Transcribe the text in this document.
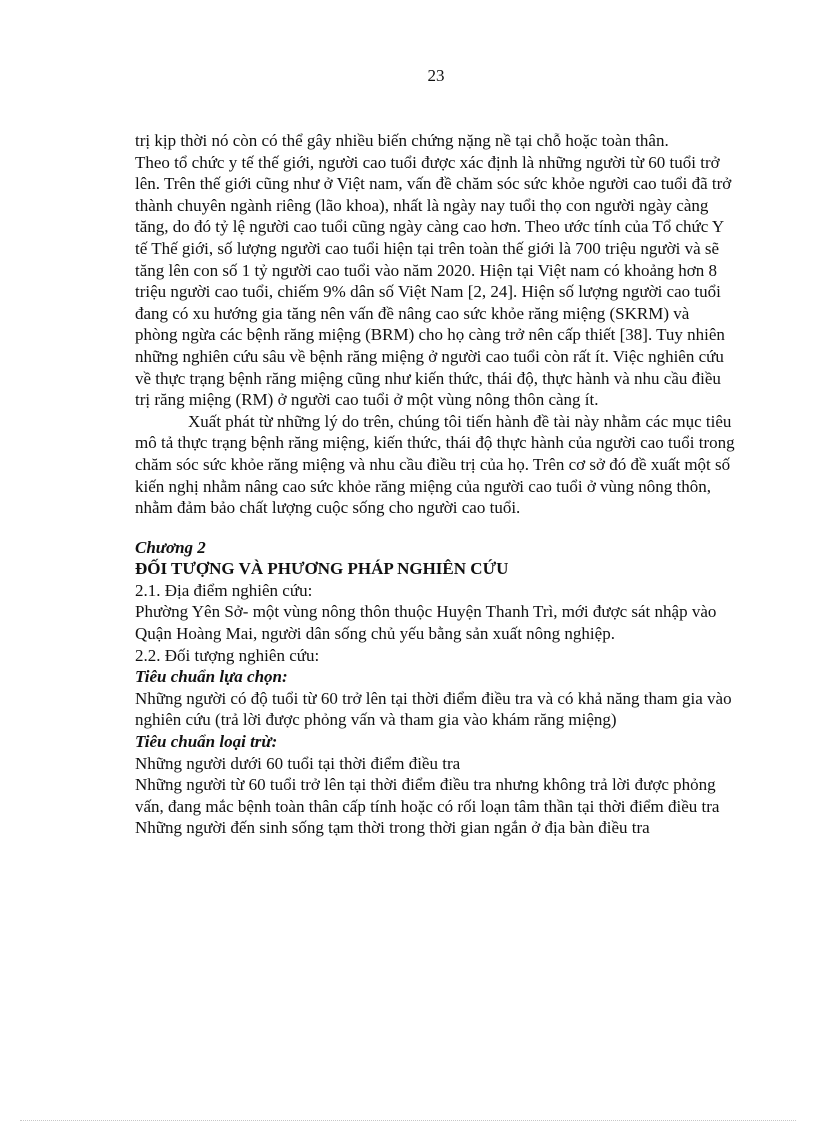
23

trị kịp thời nó còn có thể gây nhiều biến chứng nặng nề tại chỗ hoặc toàn thân.

Theo tổ chức y tế thế giới, người cao tuổi được xác định là những người từ 60 tuổi trở lên. Trên thế giới cũng như ở Việt nam, vấn đề chăm sóc sức khỏe người cao tuổi đã trở thành chuyên ngành riêng (lão khoa), nhất là ngày nay tuổi thọ con người ngày càng tăng, do đó tỷ lệ người cao tuổi cũng ngày càng cao hơn. Theo ước tính của Tổ chức Y tế Thế giới, số lượng người cao tuổi hiện tại trên toàn thế giới là 700 triệu người và sẽ tăng lên con số 1 tỷ người cao tuổi vào năm 2020. Hiện tại Việt nam có khoảng hơn 8 triệu người cao tuổi, chiếm 9% dân số Việt Nam [2, 24]. Hiện số lượng người cao tuổi đang có xu hướng gia tăng nên vấn đề nâng cao sức khỏe răng miệng (SKRM) và phòng ngừa các bệnh răng miệng (BRM) cho họ càng trở nên cấp thiết [38]. Tuy nhiên những nghiên cứu sâu về bệnh răng miệng ở người cao tuổi còn rất ít. Việc nghiên cứu về thực trạng bệnh răng miệng cũng như kiến thức, thái độ, thực hành và nhu cầu điều trị răng miệng (RM) ở người cao tuổi ở một vùng nông thôn càng ít.

Xuất phát từ những lý do trên, chúng tôi tiến hành đề tài này nhằm các mục tiêu mô tả thực trạng bệnh răng miệng, kiến thức, thái độ thực hành của người cao tuổi trong chăm sóc sức khỏe răng miệng và nhu cầu điều trị của họ. Trên cơ sở đó đề xuất một số kiến nghị nhằm nâng cao sức khỏe răng miệng của người cao tuổi ở vùng nông thôn, nhằm đảm bảo chất lượng cuộc sống cho người cao tuổi.

Chương 2

ĐỐI TƯỢNG VÀ PHƯƠNG PHÁP NGHIÊN CỨU

2.1. Địa điểm nghiên cứu:

Phường Yên Sở- một vùng nông thôn thuộc Huyện Thanh Trì, mới được sát nhập vào Quận Hoàng Mai, người dân sống chủ yếu bằng sản xuất nông nghiệp.

2.2. Đối tượng nghiên cứu:

Tiêu chuẩn lựa chọn:

Những người có độ tuổi từ 60 trở lên tại thời điểm điều tra và có khả năng tham gia vào nghiên cứu (trả lời được phỏng vấn và tham gia vào khám răng miệng)

Tiêu chuẩn loại trừ:

Những người dưới 60 tuổi tại thời điểm điều tra

Những người từ 60 tuổi trở lên tại thời điểm điều tra nhưng không trả lời được phỏng vấn, đang mắc bệnh toàn thân cấp tính hoặc có rối loạn tâm thần tại thời điểm điều tra

Những người đến sinh sống tạm thời trong thời gian ngắn ở địa bàn điều tra
